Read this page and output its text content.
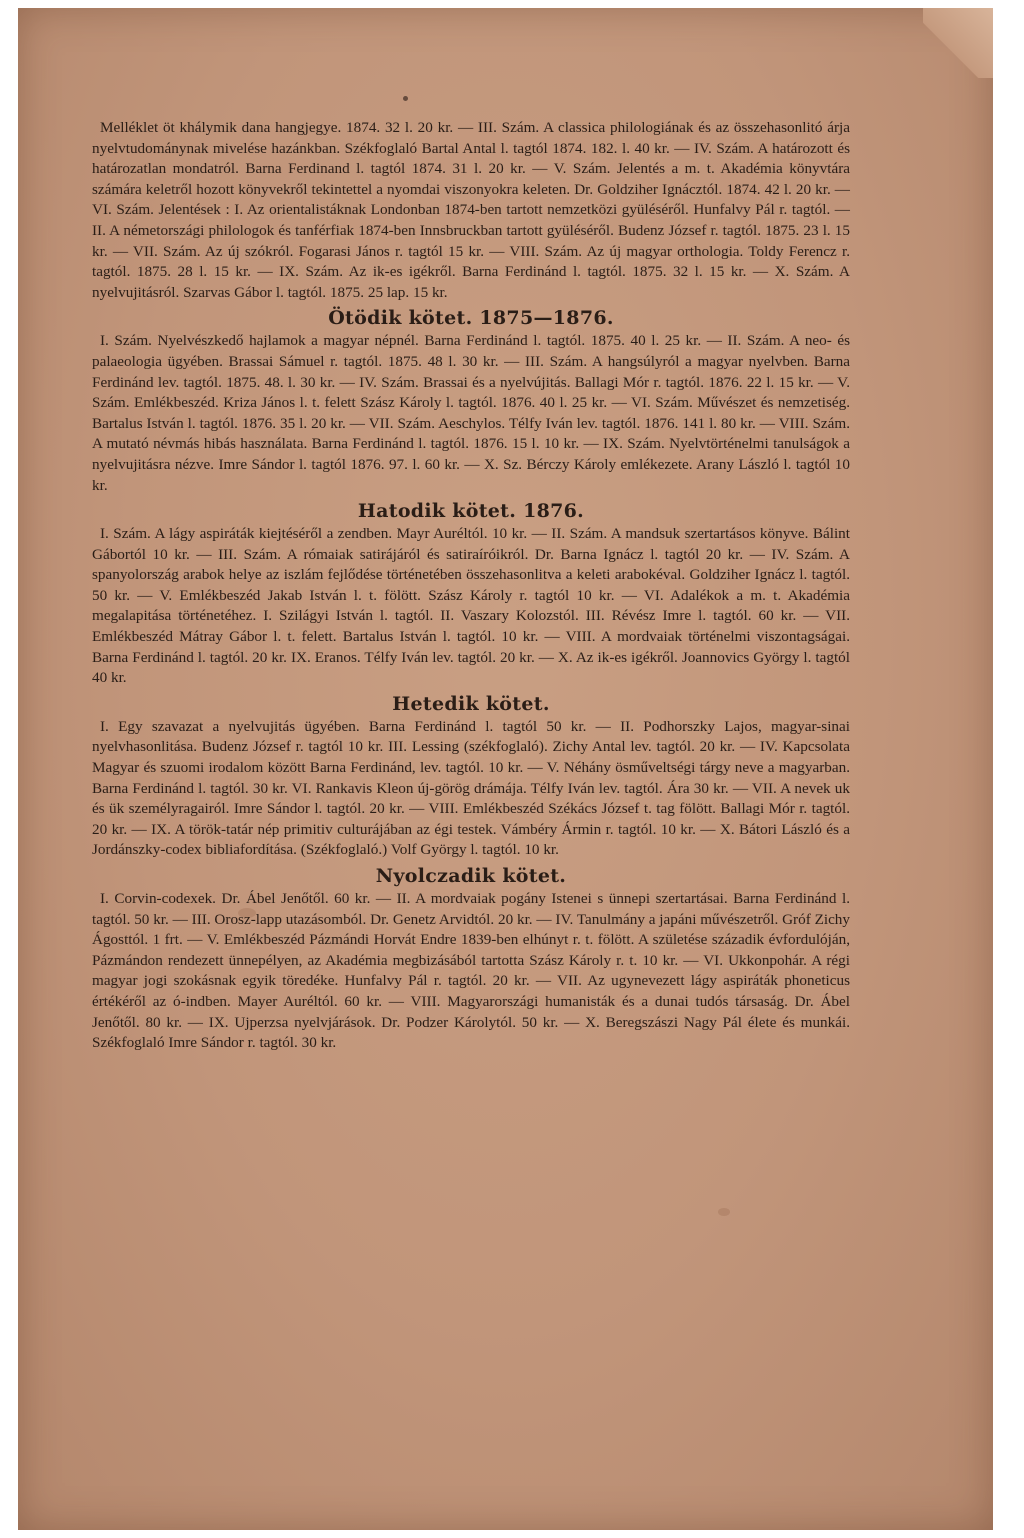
Melléklet öt khálymik dana hangjegye. 1874. 32 l. 20 kr. — III. Szám. A classica philologiának és az összehasonlitó árja nyelvtudománynak mivelése hazánkban. Székfoglaló Bartal Antal l. tagtól 1874. 182. l. 40 kr. — IV. Szám. A határozott és határozatlan mondatról. Barna Ferdinand l. tagtól 1874. 31 l. 20 kr. — V. Szám. Jelentés a m. t. Akadémia könyvtára számára keletről hozott könyvekről tekintettel a nyomdai viszonyokra keleten. Dr. Goldziher Ignácztól. 1874. 42 l. 20 kr. — VI. Szám. Jelentések : I. Az orientalistáknak Londonban 1874-ben tartott nemzetközi gyüléséről. Hunfalvy Pál r. tagtól. — II. A németországi philologok és tanférfiak 1874-ben Innsbruckban tartott gyüléséről. Budenz József r. tagtól. 1875. 23 l. 15 kr. — VII. Szám. Az új szókról. Fogarasi János r. tagtól 15 kr. — VIII. Szám. Az új magyar orthologia. Toldy Ferencz r. tagtól. 1875. 28 l. 15 kr. — IX. Szám. Az ik-es igékről. Barna Ferdinánd l. tagtól. 1875. 32 l. 15 kr. — X. Szám. A nyelvujitásról. Szarvas Gábor l. tagtól. 1875. 25 lap. 15 kr.

Ötödik kötet. 1875—1876.

I. Szám. Nyelvészkedő hajlamok a magyar népnél. Barna Ferdinánd l. tagtól. 1875. 40 l. 25 kr. — II. Szám. A neo- és palaeologia ügyében. Brassai Sámuel r. tagtól. 1875. 48 l. 30 kr. — III. Szám. A hangsúlyról a magyar nyelvben. Barna Ferdinánd lev. tagtól. 1875. 48. l. 30 kr. — IV. Szám. Brassai és a nyelvújitás. Ballagi Mór r. tagtól. 1876. 22 l. 15 kr. — V. Szám. Emlékbeszéd. Kriza János l. t. felett Szász Károly l. tagtól. 1876. 40 l. 25 kr. — VI. Szám. Művészet és nemzetiség. Bartalus István l. tagtól. 1876. 35 l. 20 kr. — VII. Szám. Aeschylos. Télfy Iván lev. tagtól. 1876. 141 l. 80 kr. — VIII. Szám. A mutató névmás hibás használata. Barna Ferdinánd l. tagtól. 1876. 15 l. 10 kr. — IX. Szám. Nyelvtörténelmi tanulságok a nyelvujitásra nézve. Imre Sándor l. tagtól 1876. 97. l. 60 kr. — X. Sz. Bérczy Károly emlékezete. Arany László l. tagtól 10 kr.

Hatodik kötet. 1876.

I. Szám. A lágy aspiráták kiejtéséről a zendben. Mayr Auréltól. 10 kr. — II. Szám. A mandsuk szertartásos könyve. Bálint Gábortól 10 kr. — III. Szám. A rómaiak satirájáról és satiraíróikról. Dr. Barna Ignácz l. tagtól 20 kr. — IV. Szám. A spanyolország arabok helye az iszlám fejlődése történetében összehasonlitva a keleti arabokéval. Goldziher Ignácz l. tagtól. 50 kr. — V. Emlékbeszéd Jakab István l. t. fölött. Szász Károly r. tagtól 10 kr. — VI. Adalékok a m. t. Akadémia megalapitása történetéhez. I. Szilágyi István l. tagtól. II. Vaszary Kolozstól. III. Révész Imre l. tagtól. 60 kr. — VII. Emlékbeszéd Mátray Gábor l. t. felett. Bartalus István l. tagtól. 10 kr. — VIII. A mordvaiak történelmi viszontagságai. Barna Ferdinánd l. tagtól. 20 kr. IX. Eranos. Télfy Iván lev. tagtól. 20 kr. — X. Az ik-es igékről. Joannovics György l. tagtól 40 kr.

Hetedik kötet.

I. Egy szavazat a nyelvujitás ügyében. Barna Ferdinánd l. tagtól 50 kr. — II. Podhorszky Lajos, magyar-sinai nyelvhasonlitása. Budenz József r. tagtól 10 kr. III. Lessing (székfoglaló). Zichy Antal lev. tagtól. 20 kr. — IV. Kapcsolata Magyar és szuomi irodalom között Barna Ferdinánd, lev. tagtól. 10 kr. — V. Néhány ösműveltségi tárgy neve a magyarban. Barna Ferdinánd l. tagtól. 30 kr. VI. Rankavis Kleon új-görög drámája. Télfy Iván lev. tagtól. Ára 30 kr. — VII. A nevek uk és ük személyragairól. Imre Sándor l. tagtól. 20 kr. — VIII. Emlékbeszéd Székács József t. tag fölött. Ballagi Mór r. tagtól. 20 kr. — IX. A török-tatár nép primitiv culturájában az égi testek. Vámbéry Ármin r. tagtól. 10 kr. — X. Bátori László és a Jordánszky-codex bibliafordítása. (Székfoglaló.) Volf György l. tagtól. 10 kr.

Nyolczadik kötet.

I. Corvin-codexek. Dr. Ábel Jenőtől. 60 kr. — II. A mordvaiak pogány Istenei s ünnepi szertartásai. Barna Ferdinánd l. tagtól. 50 kr. — III. Orosz-lapp utazásomból. Dr. Genetz Arvidtól. 20 kr. — IV. Tanulmány a japáni művészetről. Gróf Zichy Ágosttól. 1 frt. — V. Emlékbeszéd Pázmándi Horvát Endre 1839-ben elhúnyt r. t. fölött. A születése századik évfordulóján, Pázmándon rendezett ünnepélyen, az Akadémia megbizásából tartotta Szász Károly r. t. 10 kr. — VI. Ukkonpohár. A régi magyar jogi szokásnak egyik töredéke. Hunfalvy Pál r. tagtól. 20 kr. — VII. Az ugynevezett lágy aspiráták phoneticus értékéről az ó-indben. Mayer Auréltól. 60 kr. — VIII. Magyarországi humanisták és a dunai tudós társaság. Dr. Ábel Jenőtől. 80 kr. — IX. Ujperzsa nyelvjárások. Dr. Podzer Károlytól. 50 kr. — X. Beregszászi Nagy Pál élete és munkái. Székfoglaló Imre Sándor r. tagtól. 30 kr.
